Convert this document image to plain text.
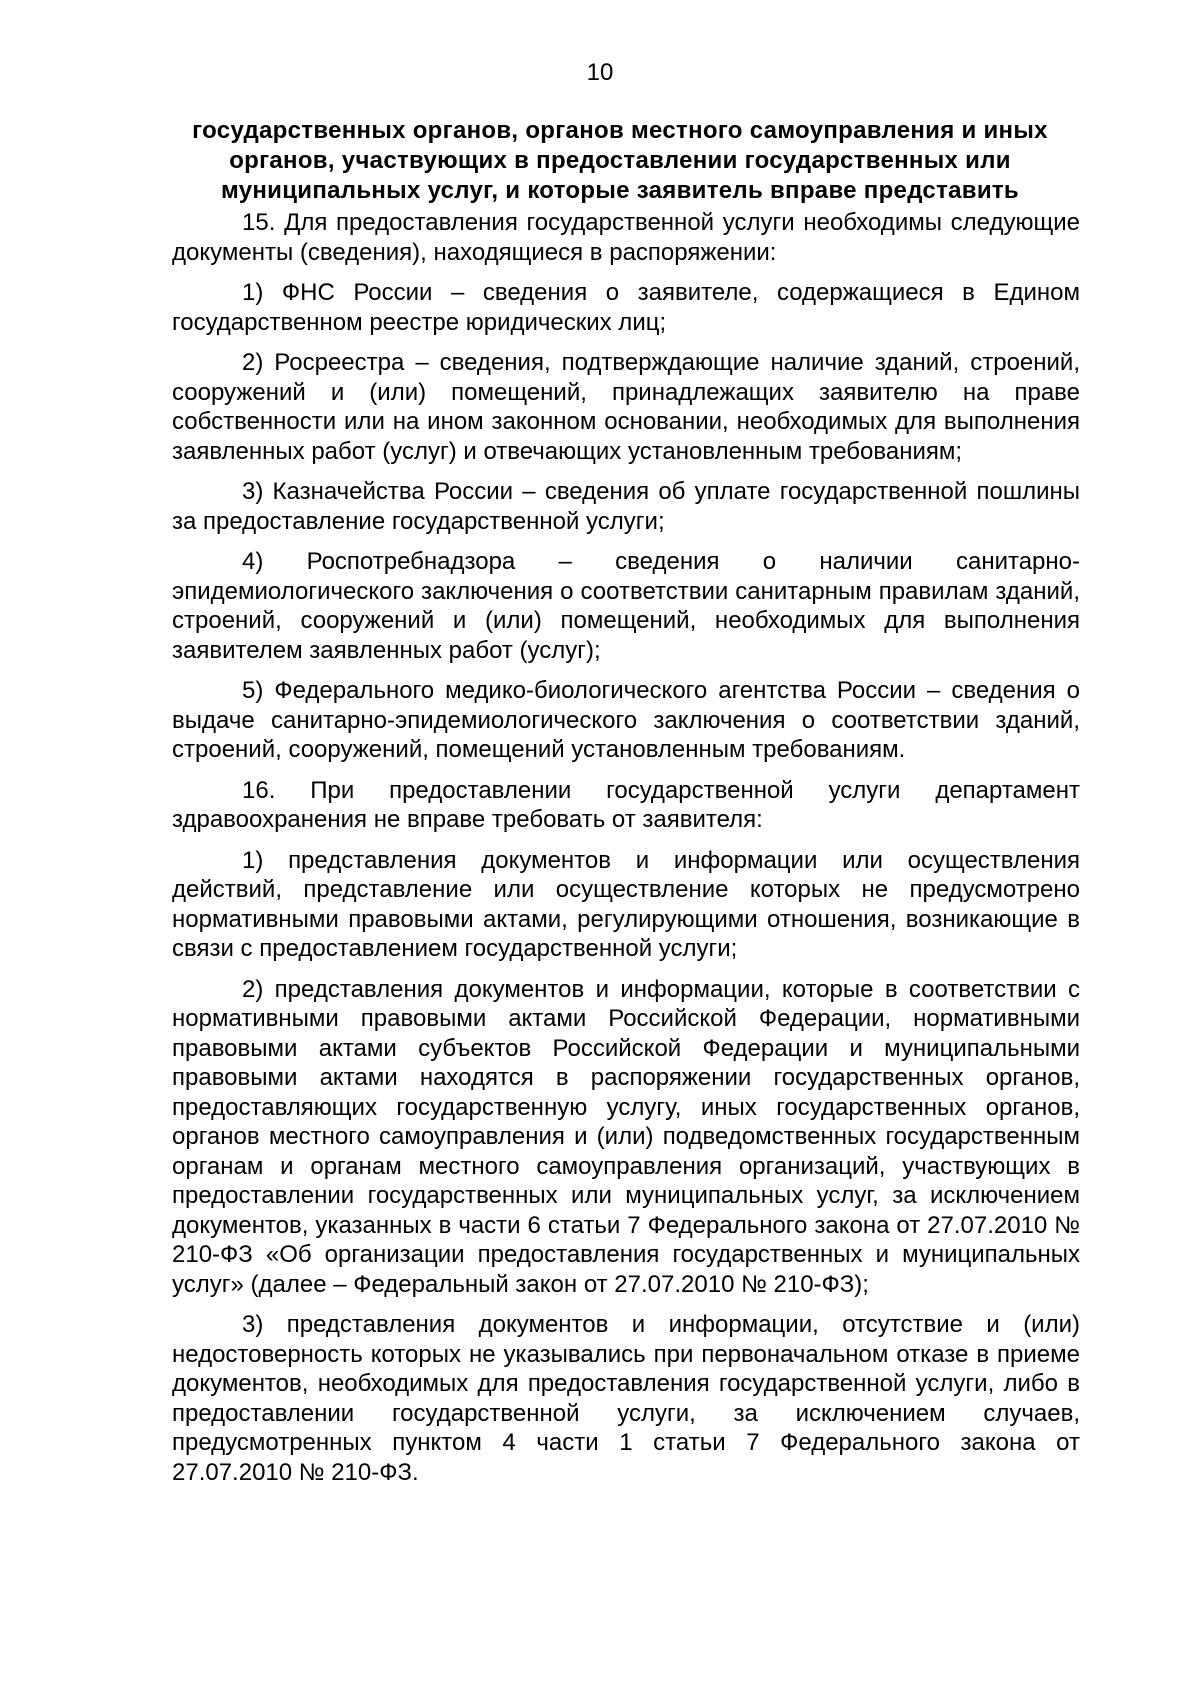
10
государственных органов, органов местного самоуправления и иных органов, участвующих в предоставлении государственных или муниципальных услуг, и которые заявитель вправе представить

15. Для предоставления государственной услуги необходимы следующие документы (сведения), находящиеся в распоряжении:

1) ФНС России – сведения о заявителе, содержащиеся в Едином государственном реестре юридических лиц;

2) Росреестра – сведения, подтверждающие наличие зданий, строений, сооружений и (или) помещений, принадлежащих заявителю на праве собственности или на ином законном основании, необходимых для выполнения заявленных работ (услуг) и отвечающих установленным требованиям;

3) Казначейства России – сведения об уплате государственной пошлины за предоставление государственной услуги;

4) Роспотребнадзора – сведения о наличии санитарно-эпидемиологического заключения о соответствии санитарным правилам зданий, строений, сооружений и (или) помещений, необходимых для выполнения заявителем заявленных работ (услуг);

5) Федерального медико-биологического агентства России – сведения о выдаче санитарно-эпидемиологического заключения о соответствии зданий, строений, сооружений, помещений установленным требованиям.

16. При предоставлении государственной услуги департамент здравоохранения не вправе требовать от заявителя:

1) представления документов и информации или осуществления действий, представление или осуществление которых не предусмотрено нормативными правовыми актами, регулирующими отношения, возникающие в связи с предоставлением государственной услуги;

2) представления документов и информации, которые в соответствии с нормативными правовыми актами Российской Федерации, нормативными правовыми актами субъектов Российской Федерации и муниципальными правовыми актами находятся в распоряжении государственных органов, предоставляющих государственную услугу, иных государственных органов, органов местного самоуправления и (или) подведомственных государственным органам и органам местного самоуправления организаций, участвующих в предоставлении государственных или муниципальных услуг, за исключением документов, указанных в части 6 статьи 7 Федерального закона от 27.07.2010 № 210-ФЗ «Об организации предоставления государственных и муниципальных услуг» (далее – Федеральный закон от 27.07.2010 № 210-ФЗ);

3) представления документов и информации, отсутствие и (или) недостоверность которых не указывались при первоначальном отказе в приеме документов, необходимых для предоставления государственной услуги, либо в предоставлении государственной услуги, за исключением случаев, предусмотренных пунктом 4 части 1 статьи 7 Федерального закона от 27.07.2010 № 210-ФЗ.
